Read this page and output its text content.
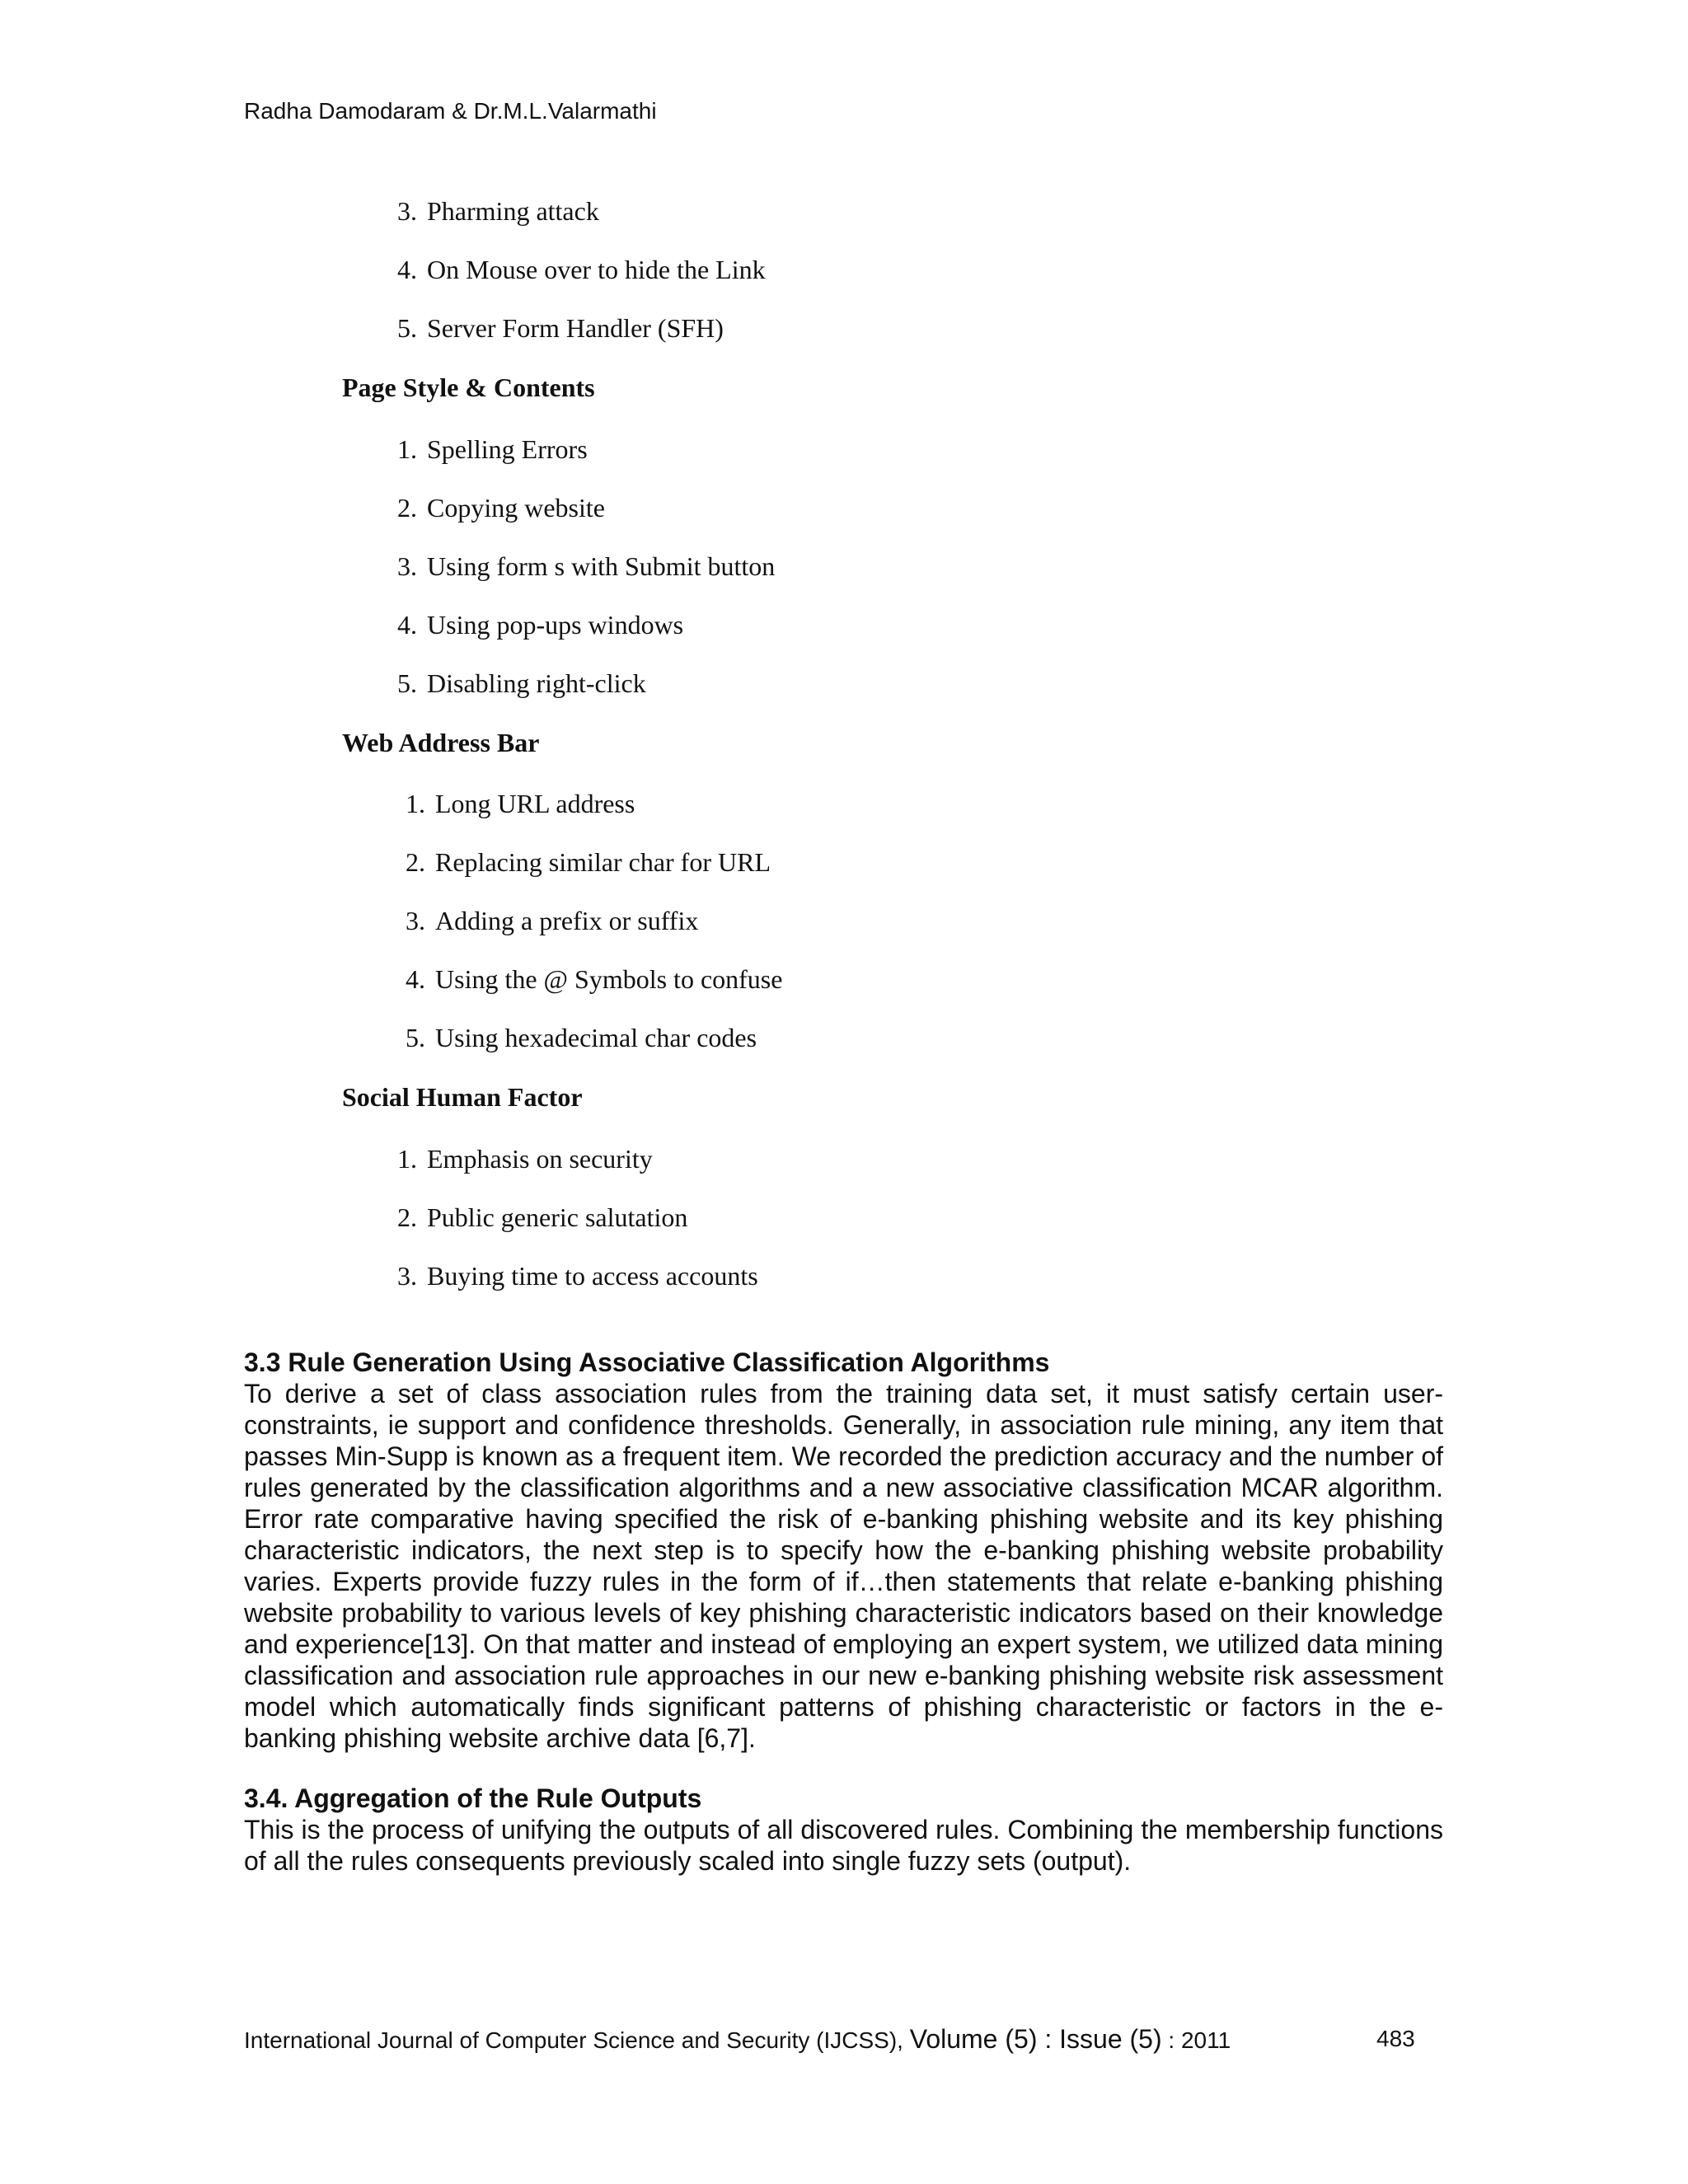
Radha Damodaram & Dr.M.L.Valarmathi
3. Pharming attack
4. On Mouse over to hide the Link
5. Server Form Handler (SFH)
Page Style & Contents
1. Spelling Errors
2. Copying website
3. Using form s with Submit button
4. Using pop-ups windows
5. Disabling right-click
Web Address Bar
1. Long URL address
2. Replacing similar char for URL
3. Adding a prefix or suffix
4. Using the @ Symbols to confuse
5. Using hexadecimal char codes
Social Human Factor
1. Emphasis on security
2. Public generic salutation
3. Buying time to access accounts
3.3 Rule Generation Using Associative Classification Algorithms
To derive a set of class association rules from the training data set, it must satisfy certain user-constraints, ie support and confidence thresholds. Generally, in association rule mining, any item that passes Min-Supp is known as a frequent item. We recorded the prediction accuracy and the number of rules generated by the classification algorithms and a new associative classification MCAR algorithm. Error rate comparative having specified the risk of e-banking phishing website and its key phishing characteristic indicators, the next step is to specify how the e-banking phishing website probability varies. Experts provide fuzzy rules in the form of if…then statements that relate e-banking phishing website probability to various levels of key phishing characteristic indicators based on their knowledge and experience[13]. On that matter and instead of employing an expert system, we utilized data mining classification and association rule approaches in our new e-banking phishing website risk assessment model which automatically finds significant patterns of phishing characteristic or factors in the e-banking phishing website archive data [6,7].
3.4. Aggregation of the Rule Outputs
This is the process of unifying the outputs of all discovered rules. Combining the membership functions of all the rules consequents previously scaled into single fuzzy sets (output).
International Journal of Computer Science and Security (IJCSS), Volume (5) : Issue (5) : 2011	483
